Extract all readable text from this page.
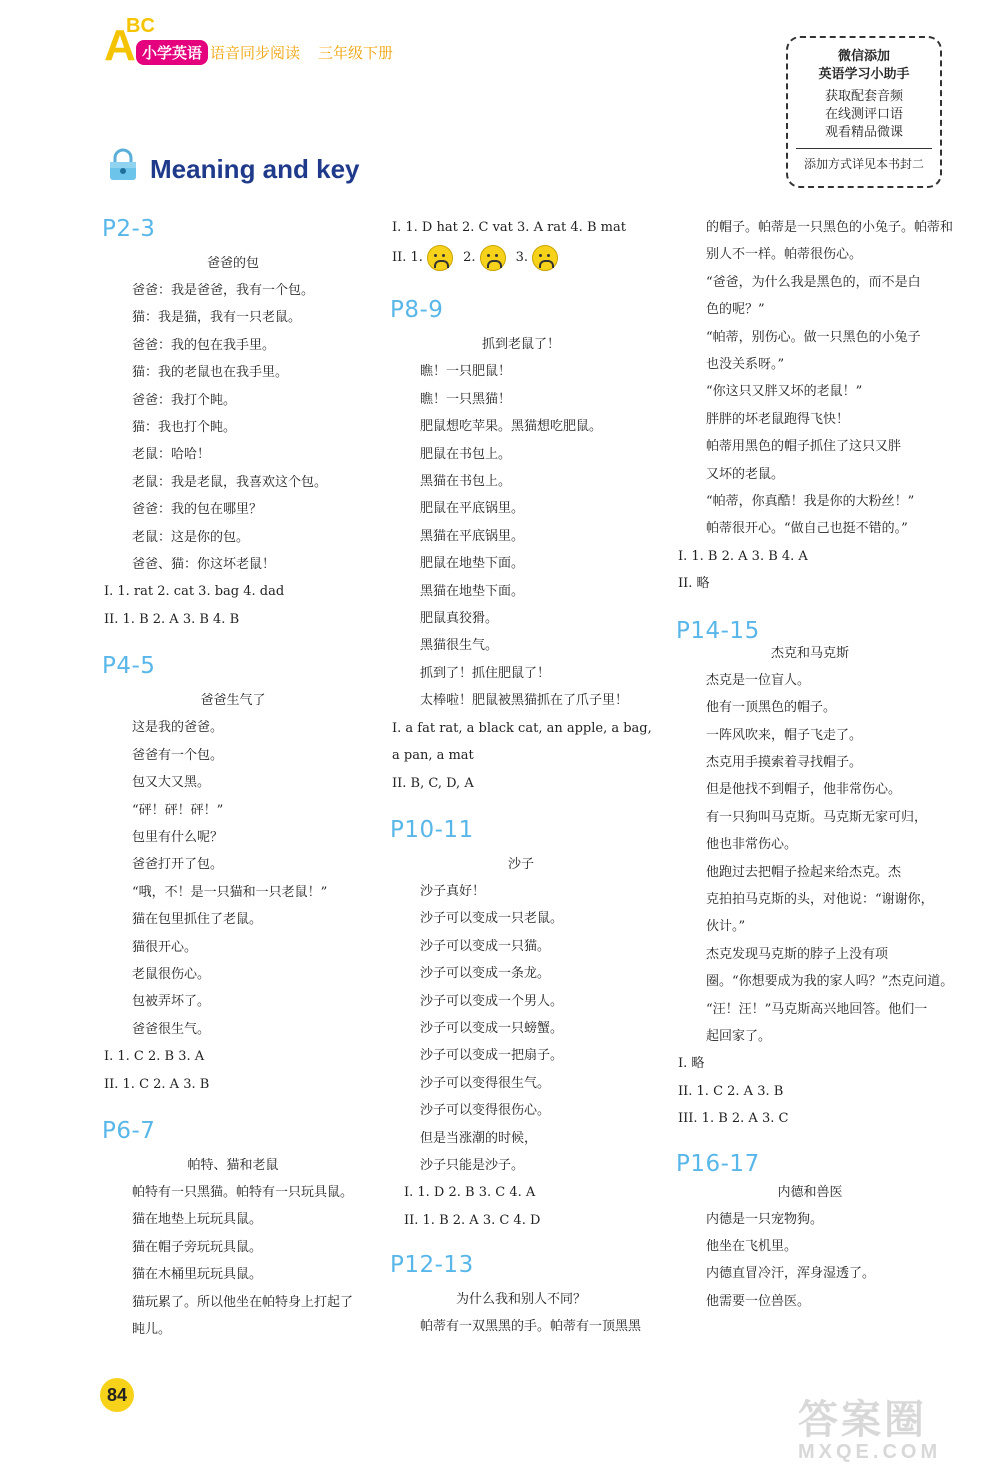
A
BC
小学英语 语音同步阅读 三年级下册	微信添加
英语学习小助手
获取配套音频
在线测评口语
观看精品微课
添加方式详见本书封二
Meaning and key
P2-3
爸爸的包
爸爸：我是爸爸，我有一个包。
猫：我是猫，我有一只老鼠。
爸爸：我的包在我手里。
猫：我的老鼠也在我手里。
爸爸：我打个盹。
猫：我也打个盹。
老鼠：哈哈！
老鼠：我是老鼠，我喜欢这个包。
爸爸：我的包在哪里？
老鼠：这是你的包。
爸爸、猫：你这坏老鼠！
I. 1. rat 2. cat 3. bag 4. dad
II. 1. B 2. A 3. B 4. B
P4-5
爸爸生气了
这是我的爸爸。
爸爸有一个包。
包又大又黑。
“砰！砰！砰！”
包里有什么呢？
爸爸打开了包。
“哦，不！是一只猫和一只老鼠！”
猫在包里抓住了老鼠。
猫很开心。
老鼠很伤心。
包被弄坏了。
爸爸很生气。
I. 1. C 2. B 3. A
II. 1. C 2. A 3. B
P6-7
帕特、猫和老鼠
帕特有一只黑猫。帕特有一只玩具鼠。
猫在地垫上玩玩具鼠。
猫在帽子旁玩玩具鼠。
猫在木桶里玩玩具鼠。
猫玩累了。所以他坐在帕特身上打起了
盹儿。
I. 1. D hat 2. C vat 3. A rat 4. B mat
II. 1.	2.	3.
P8-9
抓到老鼠了！
瞧！一只肥鼠！
瞧！一只黑猫！
肥鼠想吃苹果。黑猫想吃肥鼠。
肥鼠在书包上。
黑猫在书包上。
肥鼠在平底锅里。
黑猫在平底锅里。
肥鼠在地垫下面。
黑猫在地垫下面。
肥鼠真狡猾。
黑猫很生气。
抓到了！抓住肥鼠了！
太棒啦！肥鼠被黑猫抓在了爪子里！
I. a fat rat, a black cat, an apple, a bag,
a pan, a mat
II. B, C, D, A
P10-11
沙子
沙子真好！
沙子可以变成一只老鼠。
沙子可以变成一只猫。
沙子可以变成一条龙。
沙子可以变成一个男人。
沙子可以变成一只螃蟹。
沙子可以变成一把扇子。
沙子可以变得很生气。
沙子可以变得很伤心。
但是当涨潮的时候，
沙子只能是沙子。
I. 1. D 2. B 3. C 4. A
II. 1. B 2. A 3. C 4. D
P12-13
为什么我和别人不同？
帕蒂有一双黑黑的手。帕蒂有一顶黑黑
的帽子。帕蒂是一只黑色的小兔子。帕蒂和
别人不一样。帕蒂很伤心。
“爸爸，为什么我是黑色的，而不是白
色的呢？”
“帕蒂，别伤心。做一只黑色的小兔子
也没关系呀。”
“你这只又胖又坏的老鼠！”
胖胖的坏老鼠跑得飞快！
帕蒂用黑色的帽子抓住了这只又胖
又坏的老鼠。
“帕蒂，你真酷！我是你的大粉丝！”
帕蒂很开心。“做自己也挺不错的。”
I. 1. B 2. A 3. B 4. A
II. 略
P14-15
杰克和马克斯
杰克是一位盲人。
他有一顶黑色的帽子。
一阵风吹来，帽子飞走了。
杰克用手摸索着寻找帽子。
但是他找不到帽子，他非常伤心。
有一只狗叫马克斯。马克斯无家可归，
他也非常伤心。
他跑过去把帽子捡起来给杰克。杰
克拍拍马克斯的头，对他说：“谢谢你，
伙计。”
杰克发现马克斯的脖子上没有项
圈。“你想要成为我的家人吗？”杰克问道。
“汪！汪！”马克斯高兴地回答。他们一
起回家了。
I. 略
II. 1. C 2. A 3. B
III. 1. B 2. A 3. C
P16-17
内德和兽医
内德是一只宠物狗。
他坐在飞机里。
内德直冒冷汗，浑身湿透了。
他需要一位兽医。
84
答案圈
MXQE.COM
